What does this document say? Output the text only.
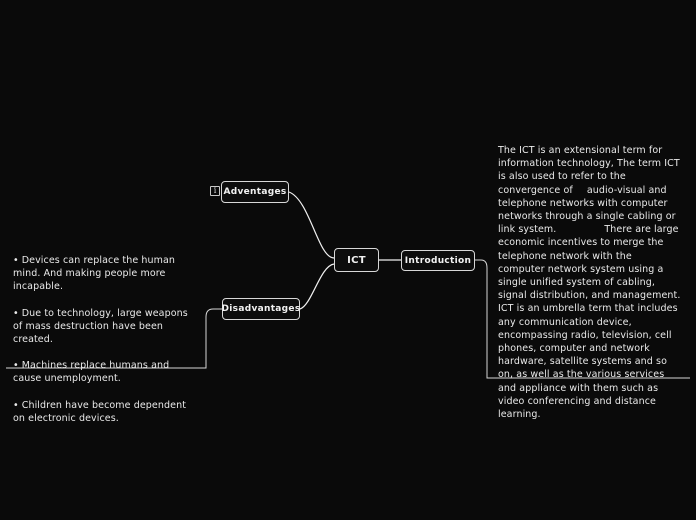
ICT
i Adventages
Disadvantages
Introduction
The ICT is an extensional term for information technology, The term ICT is also used to refer to the convergence of audio-visual and telephone networks with computer networks through a single cabling or link system.	There are large economic incentives to merge the telephone network with the computer network system using a single unified system of cabling, signal distribution, and management. ICT is an umbrella term that includes any communication device, encompassing radio, television, cell phones, computer and network hardware, satellite systems and so on, as well as the various services and appliance with them such as video conferencing and distance learning.
• Devices can replace the human mind. And making people more incapable.
• Due to technology, large weapons of mass destruction have been created.
• Machines replace humans and cause unemployment.
• Children have become dependent on electronic devices.
